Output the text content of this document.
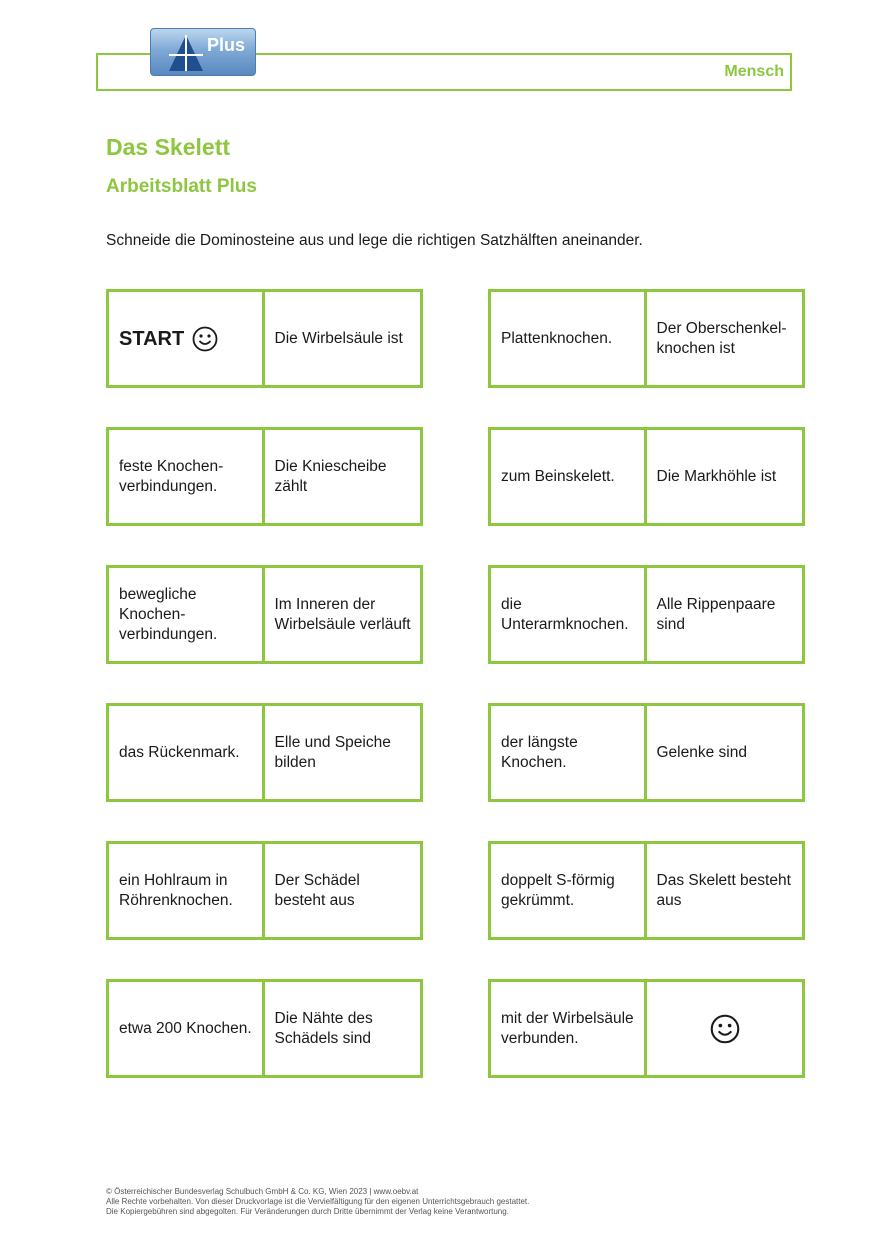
Plus
Mensch
Das Skelett
Arbeitsblatt Plus
Schneide die Dominosteine aus und lege die richtigen Satzhälften aneinander.
START	Die Wirbelsäule ist
feste Knochen-verbindungen.
Die Kniescheibe zählt
bewegliche Knochen-verbindungen.
Im Inneren der Wirbelsäule verläuft
das Rückenmark.
Elle und Speiche bilden
ein Hohlraum in Röhrenknochen.
Der Schädel besteht aus
etwa 200 Knochen.
Die Nähte des Schädels sind
Plattenknochen.
Der Oberschenkel-knochen ist
zum Beinskelett.	Die Markhöhle ist
die Unterarmknochen.
Alle Rippenpaare sind
der längste Knochen.
Gelenke sind
doppelt S-förmig gekrümmt.
Das Skelett besteht aus
mit der Wirbelsäule verbunden.
© Österreichischer Bundesverlag Schulbuch GmbH & Co. KG, Wien 2023 | www.oebv.at
Alle Rechte vorbehalten. Von dieser Druckvorlage ist die Vervielfältigung für den eigenen Unterrichtsgebrauch gestattet.
Die Kopiergebühren sind abgegolten. Für Veränderungen durch Dritte übernimmt der Verlag keine Verantwortung.
